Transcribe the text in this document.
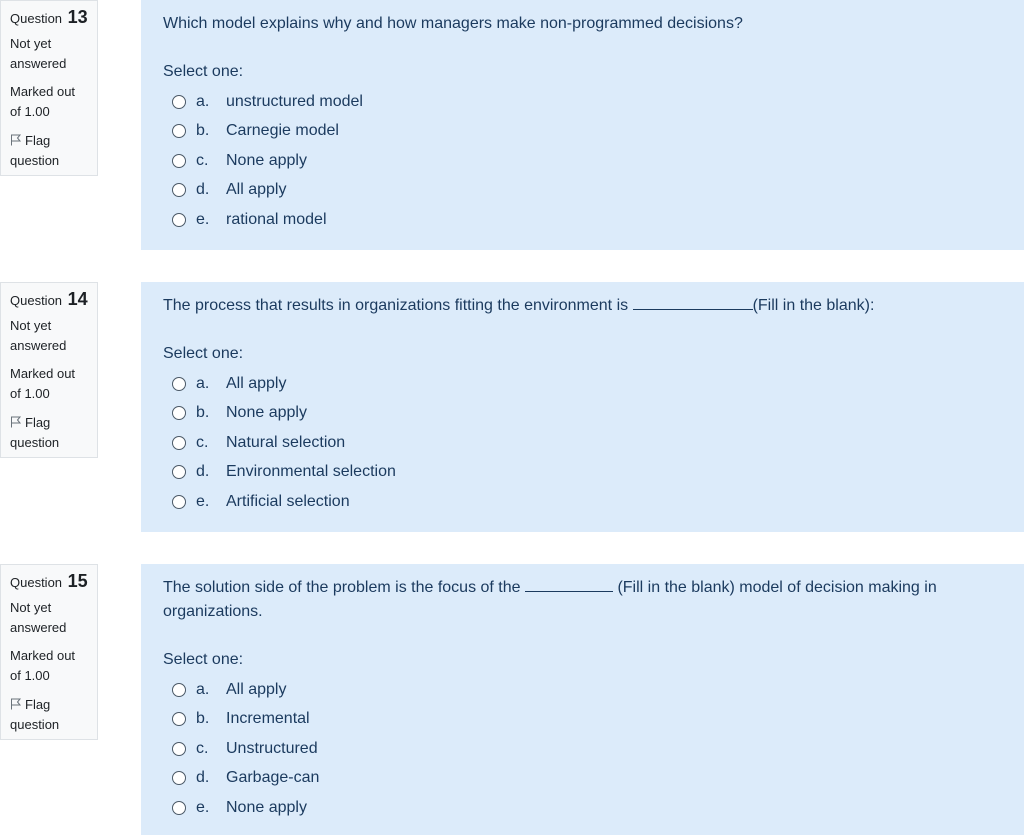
Question 13
Not yet answered
Marked out of 1.00
Flag question

Which model explains why and how managers make non-programmed decisions?

Select one:
a.	unstructured model
b.	Carnegie model
c.	None apply
d.	All apply
e.	rational model
Question 14
Not yet answered
Marked out of 1.00
Flag question

The process that results in organizations fitting the environment is	(Fill in the blank):

Select one:
a.	All apply
b.	None apply
c.	Natural selection
d.	Environmental selection
e.	Artificial selection
Question 15
Not yet answered
Marked out of 1.00
Flag question

The solution side of the problem is the focus of the	(Fill in the blank) model of decision making in organizations.

Select one:
a.	All apply
b.	Incremental
c.	Unstructured
d.	Garbage-can
e.	None apply
